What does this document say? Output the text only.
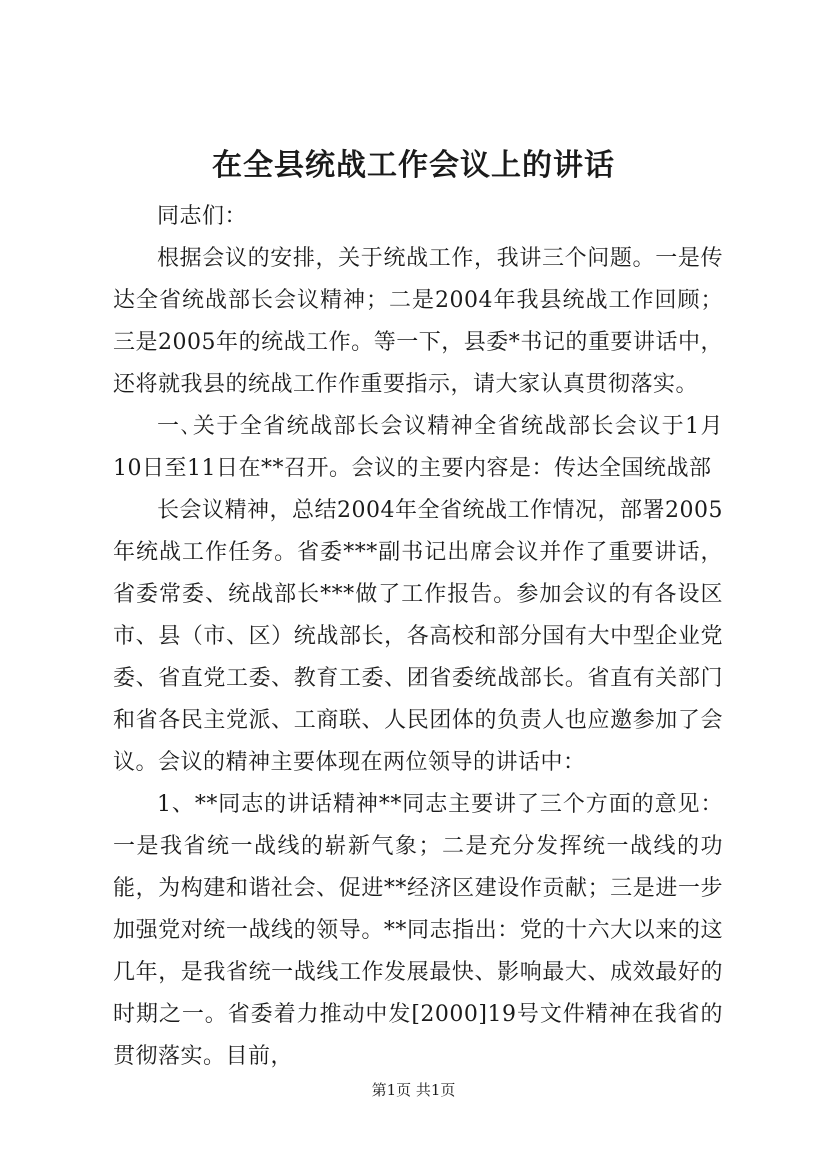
在全县统战工作会议上的讲话

同志们：

根据会议的安排，关于统战工作，我讲三个问题。一是传达全省统战部长会议精神；二是2004年我县统战工作回顾；三是2005年的统战工作。等一下，县委*书记的重要讲话中，还将就我县的统战工作作重要指示，请大家认真贯彻落实。

一､关于全省统战部长会议精神全省统战部长会议于1月10日至11日在**召开。会议的主要内容是：传达全国统战部

长会议精神，总结2004年全省统战工作情况，部署2005年统战工作任务。省委***副书记出席会议并作了重要讲话，省委常委、统战部长***做了工作报告。参加会议的有各设区市、县（市、区）统战部长，各高校和部分国有大中型企业党委、省直党工委、教育工委、团省委统战部长。省直有关部门和省各民主党派、工商联、人民团体的负责人也应邀参加了会议。会议的精神主要体现在两位领导的讲话中：

1、**同志的讲话精神**同志主要讲了三个方面的意见：一是我省统一战线的崭新气象；二是充分发挥统一战线的功能，为构建和谐社会、促进**经济区建设作贡献；三是进一步加强党对统一战线的领导。**同志指出：党的十六大以来的这几年，是我省统一战线工作发展最快、影响最大、成效最好的时期之一。省委着力推动中发[2000]19号文件精神在我省的贯彻落实。目前，

第1页 共1页
